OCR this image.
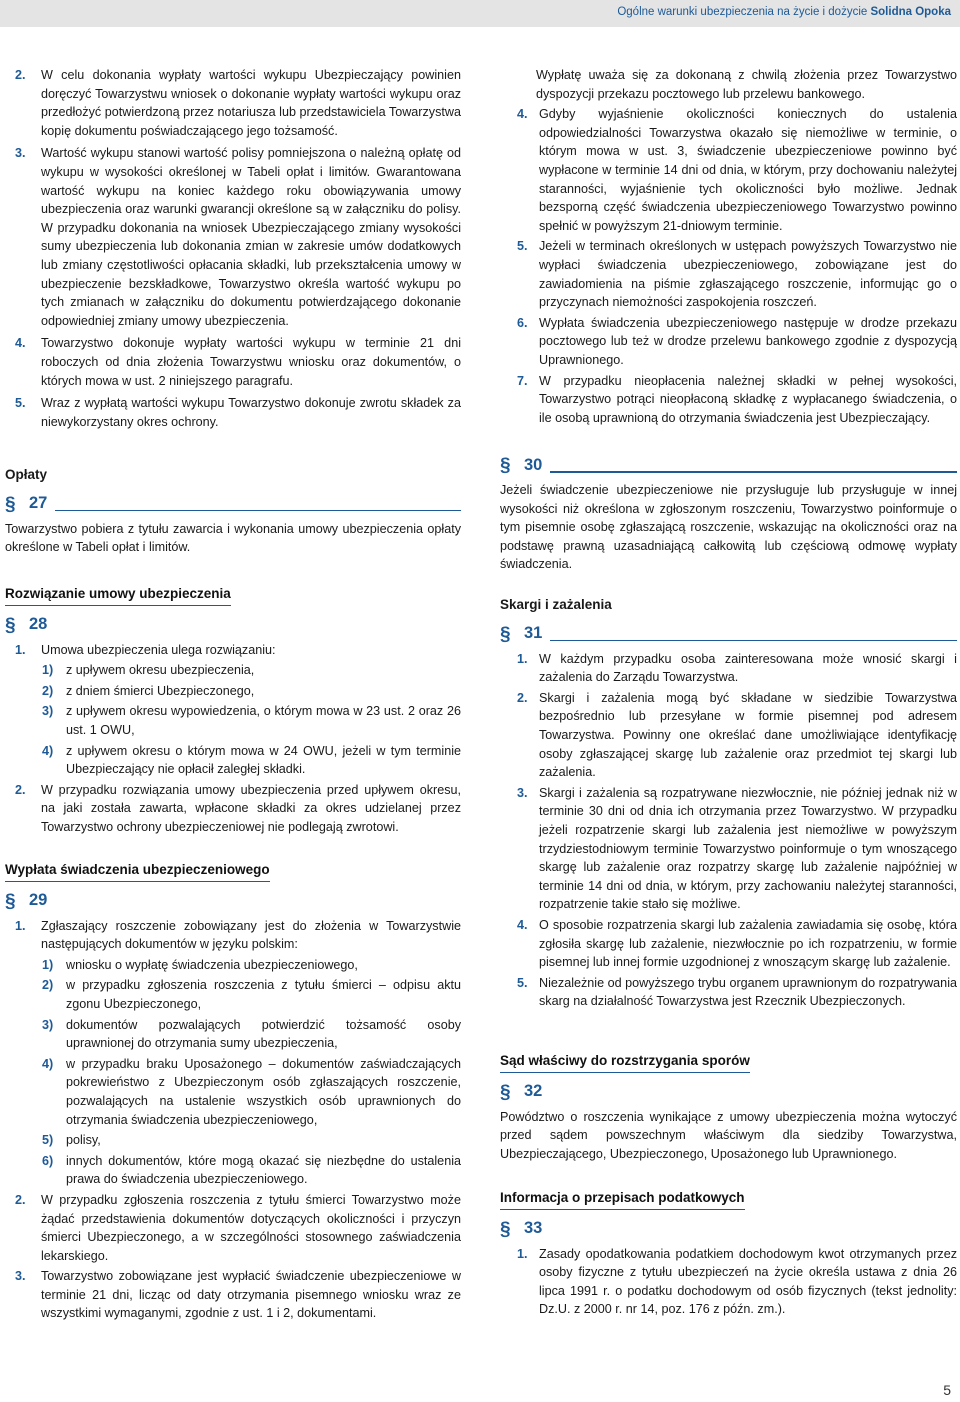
Ogólne warunki ubezpieczenia na życie i dożycie Solidna Opoka
2.	W celu dokonania wypłaty wartości wykupu Ubezpieczający powinien doręczyć Towarzystwu wniosek o dokonanie wypłaty wartości wykupu oraz przedłożyć potwierdzoną przez notariusza lub przedstawiciela Towarzystwa kopię dokumentu poświadczającego jego tożsamość.
3.	Wartość wykupu stanowi wartość polisy pomniejszona o należną opłatę od wykupu w wysokości określonej w Tabeli opłat i limitów. Gwarantowana wartość wykupu na koniec każdego roku obowiązywania umowy ubezpieczenia oraz warunki gwarancji określone są w załączniku do polisy. W przypadku dokonania na wniosek Ubezpieczającego zmiany wysokości sumy ubezpieczenia lub dokonania zmian w zakresie umów dodatkowych lub zmiany częstotliwości opłacania składki, lub przekształcenia umowy w ubezpieczenie bezskładkowe, Towarzystwo określa wartość wykupu po tych zmianach w załączniku do dokumentu potwierdzającego dokonanie odpowiedniej zmiany umowy ubezpieczenia.
4.	Towarzystwo dokonuje wypłaty wartości wykupu w terminie 21 dni roboczych od dnia złożenia Towarzystwu wniosku oraz dokumentów, o których mowa w ust. 2 niniejszego paragrafu.
5.	Wraz z wypłatą wartości wykupu Towarzystwo dokonuje zwrotu składek za niewykorzystany okres ochrony.
Opłaty
§ 27
Towarzystwo pobiera z tytułu zawarcia i wykonania umowy ubezpieczenia opłaty określone w Tabeli opłat i limitów.
Rozwiązanie umowy ubezpieczenia
§ 28
1.	Umowa ubezpieczenia ulega rozwiązaniu:
1)	z upływem okresu ubezpieczenia,
2)	z dniem śmierci Ubezpieczonego,
3)	z upływem okresu wypowiedzenia, o którym mowa w 23 ust. 2 oraz 26 ust. 1 OWU,
4)	z upływem okresu o którym mowa w 24 OWU, jeżeli w tym terminie Ubezpieczający nie opłacił zaległej składki.
2.	W przypadku rozwiązania umowy ubezpieczenia przed upływem okresu, na jaki została zawarta, wpłacone składki za okres udzielanej przez Towarzystwo ochrony ubezpieczeniowej nie podlegają zwrotowi.
Wypłata świadczenia ubezpieczeniowego
§ 29
1.	Zgłaszający roszczenie zobowiązany jest do złożenia w Towarzystwie następujących dokumentów w języku polskim:
1)	wniosku o wypłatę świadczenia ubezpieczeniowego,
2)	w przypadku zgłoszenia roszczenia z tytułu śmierci – odpisu aktu zgonu Ubezpieczonego,
3)	dokumentów pozwalających potwierdzić tożsamość osoby uprawnionej do otrzymania sumy ubezpieczenia,
4)	w przypadku braku Uposażonego – dokumentów zaświadczających pokrewieństwo z Ubezpieczonym osób zgłaszających roszczenie, pozwalających na ustalenie wszystkich osób uprawnionych do otrzymania świadczenia ubezpieczeniowego,
5)	polisy,
6)	innych dokumentów, które mogą okazać się niezbędne do ustalenia prawa do świadczenia ubezpieczeniowego.
2.	W przypadku zgłoszenia roszczenia z tytułu śmierci Towarzystwo może żądać przedstawienia dokumentów dotyczących okoliczności i przyczyn śmierci Ubezpieczonego, a w szczególności stosownego zaświadczenia lekarskiego.
3.	Towarzystwo zobowiązane jest wypłacić świadczenie ubezpieczeniowe w terminie 21 dni, licząc od daty otrzymania pisemnego wniosku wraz ze wszystkimi wymaganymi, zgodnie z ust. 1 i 2, dokumentami.
Wypłatę uważa się za dokonaną z chwilą złożenia przez Towarzystwo dyspozycji przekazu pocztowego lub przelewu bankowego.
4. Gdyby wyjaśnienie okoliczności koniecznych do ustalenia odpowiedzialności Towarzystwa okazało się niemożliwe w terminie, o którym mowa w ust. 3, świadczenie ubezpieczeniowe powinno być wypłacone w terminie 14 dni od dnia, w którym, przy dochowaniu należytej staranności, wyjaśnienie tych okoliczności było możliwe. Jednak bezsporną część świadczenia ubezpieczeniowego Towarzystwo powinno spełnić w powyższym 21-dniowym terminie.
5. Jeżeli w terminach określonych w ustępach powyższych Towarzystwo nie wypłaci świadczenia ubezpieczeniowego, zobowiązane jest do zawiadomienia na piśmie zgłaszającego roszczenie, informując go o przyczynach niemożności zaspokojenia roszczeń.
6. Wypłata świadczenia ubezpieczeniowego następuje w drodze przekazu pocztowego lub też w drodze przelewu bankowego zgodnie z dyspozycją Uprawnionego.
7. W przypadku nieopłacenia należnej składki w pełnej wysokości, Towarzystwo potrąci nieopłaconą składkę z wypłacanego świadczenia, o ile osobą uprawnioną do otrzymania świadczenia jest Ubezpieczający.
§ 30
Jeżeli świadczenie ubezpieczeniowe nie przysługuje lub przysługuje w innej wysokości niż określona w zgłoszonym roszczeniu, Towarzystwo poinformuje o tym pisemnie osobę zgłaszającą roszczenie, wskazując na okoliczności oraz na podstawę prawną uzasadniającą całkowitą lub częściową odmowę wypłaty świadczenia.
Skargi i zażalenia
§ 31
1. W każdym przypadku osoba zainteresowana może wnosić skargi i zażalenia do Zarządu Towarzystwa.
2. Skargi i zażalenia mogą być składane w siedzibie Towarzystwa bezpośrednio lub przesyłane w formie pisemnej pod adresem Towarzystwa. Powinny one określać dane umożliwiające identyfikację osoby zgłaszającej skargę lub zażalenie oraz przedmiot tej skargi lub zażalenia.
3. Skargi i zażalenia są rozpatrywane niezwłocznie, nie później jednak niż w terminie 30 dni od dnia ich otrzymania przez Towarzystwo. W przypadku jeżeli rozpatrzenie skargi lub zażalenia jest niemożliwe w powyższym trzydziestodniowym terminie Towarzystwo poinformuje o tym wnoszącego skargę lub zażalenie oraz rozpatrzy skargę lub zażalenie najpóźniej w terminie 14 dni od dnia, w którym, przy zachowaniu należytej staranności, rozpatrzenie takie stało się możliwe.
4. O sposobie rozpatrzenia skargi lub zażalenia zawiadamia się osobę, która zgłosiła skargę lub zażalenie, niezwłocznie po ich rozpatrzeniu, w formie pisemnej lub innej formie uzgodnionej z wnoszącym skargę lub zażalenie.
5. Niezależnie od powyższego trybu organem uprawnionym do rozpatrywania skarg na działalność Towarzystwa jest Rzecznik Ubezpieczonych.
Sąd właściwy do rozstrzygania sporów
§ 32
Powództwo o roszczenia wynikające z umowy ubezpieczenia można wytoczyć przed sądem powszechnym właściwym dla siedziby Towarzystwa, Ubezpieczającego, Ubezpieczonego, Uposażonego lub Uprawnionego.
Informacja o przepisach podatkowych
§ 33
1. Zasady opodatkowania podatkiem dochodowym kwot otrzymanych przez osoby fizyczne z tytułu ubezpieczeń na życie określa ustawa z dnia 26 lipca 1991 r. o podatku dochodowym od osób fizycznych (tekst jednolity: Dz.U. z 2000 r. nr 14, poz. 176 z późn. zm.).
5
